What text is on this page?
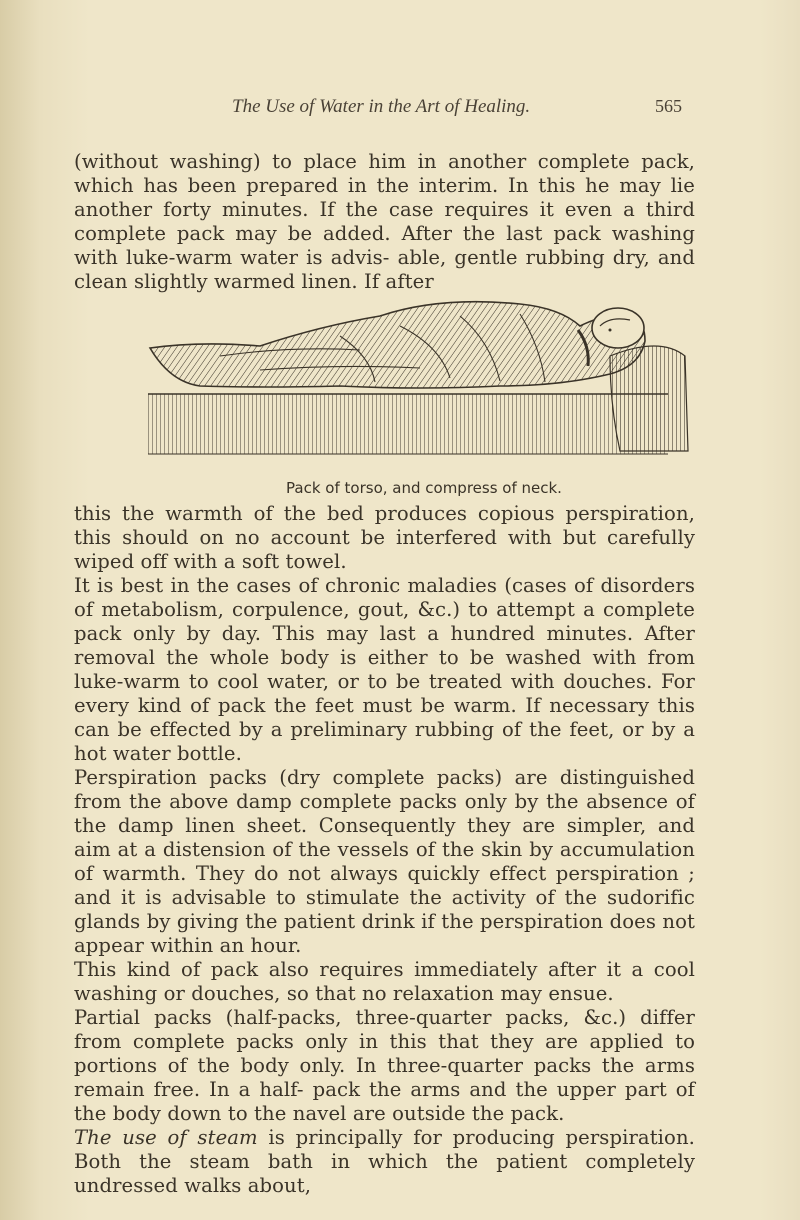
The Use of Water in the Art of Healing.	565

(without washing) to place him in another complete pack, which has been prepared in the interim. In this he may lie another forty minutes. If the case requires it even a third complete pack may be added. After the last pack washing with luke-warm water is advis- able, gentle rubbing dry, and clean slightly warmed linen. If after

Pack of torso, and compress of neck.

this the warmth of the bed produces copious perspiration, this should on no account be interfered with but carefully wiped off with a soft towel.

It is best in the cases of chronic maladies (cases of disorders of metabolism, corpulence, gout, &c.) to attempt a complete pack only by day. This may last a hundred minutes. After removal the whole body is either to be washed with from luke-warm to cool water, or to be treated with douches. For every kind of pack the feet must be warm. If necessary this can be effected by a preliminary rubbing of the feet, or by a hot water bottle.

Perspiration packs (dry complete packs) are distinguished from the above damp complete packs only by the absence of the damp linen sheet. Consequently they are simpler, and aim at a distension of the vessels of the skin by accumulation of warmth. They do not always quickly effect perspiration ; and it is advisable to stimulate the activity of the sudorific glands by giving the patient drink if the perspiration does not appear within an hour.

This kind of pack also requires immediately after it a cool washing or douches, so that no relaxation may ensue.

Partial packs (half-packs, three-quarter packs, &c.) differ from complete packs only in this that they are applied to portions of the body only. In three-quarter packs the arms remain free. In a half- pack the arms and the upper part of the body down to the navel are outside the pack.

The use of steam is principally for producing perspiration. Both the steam bath in which the patient completely undressed walks about,
